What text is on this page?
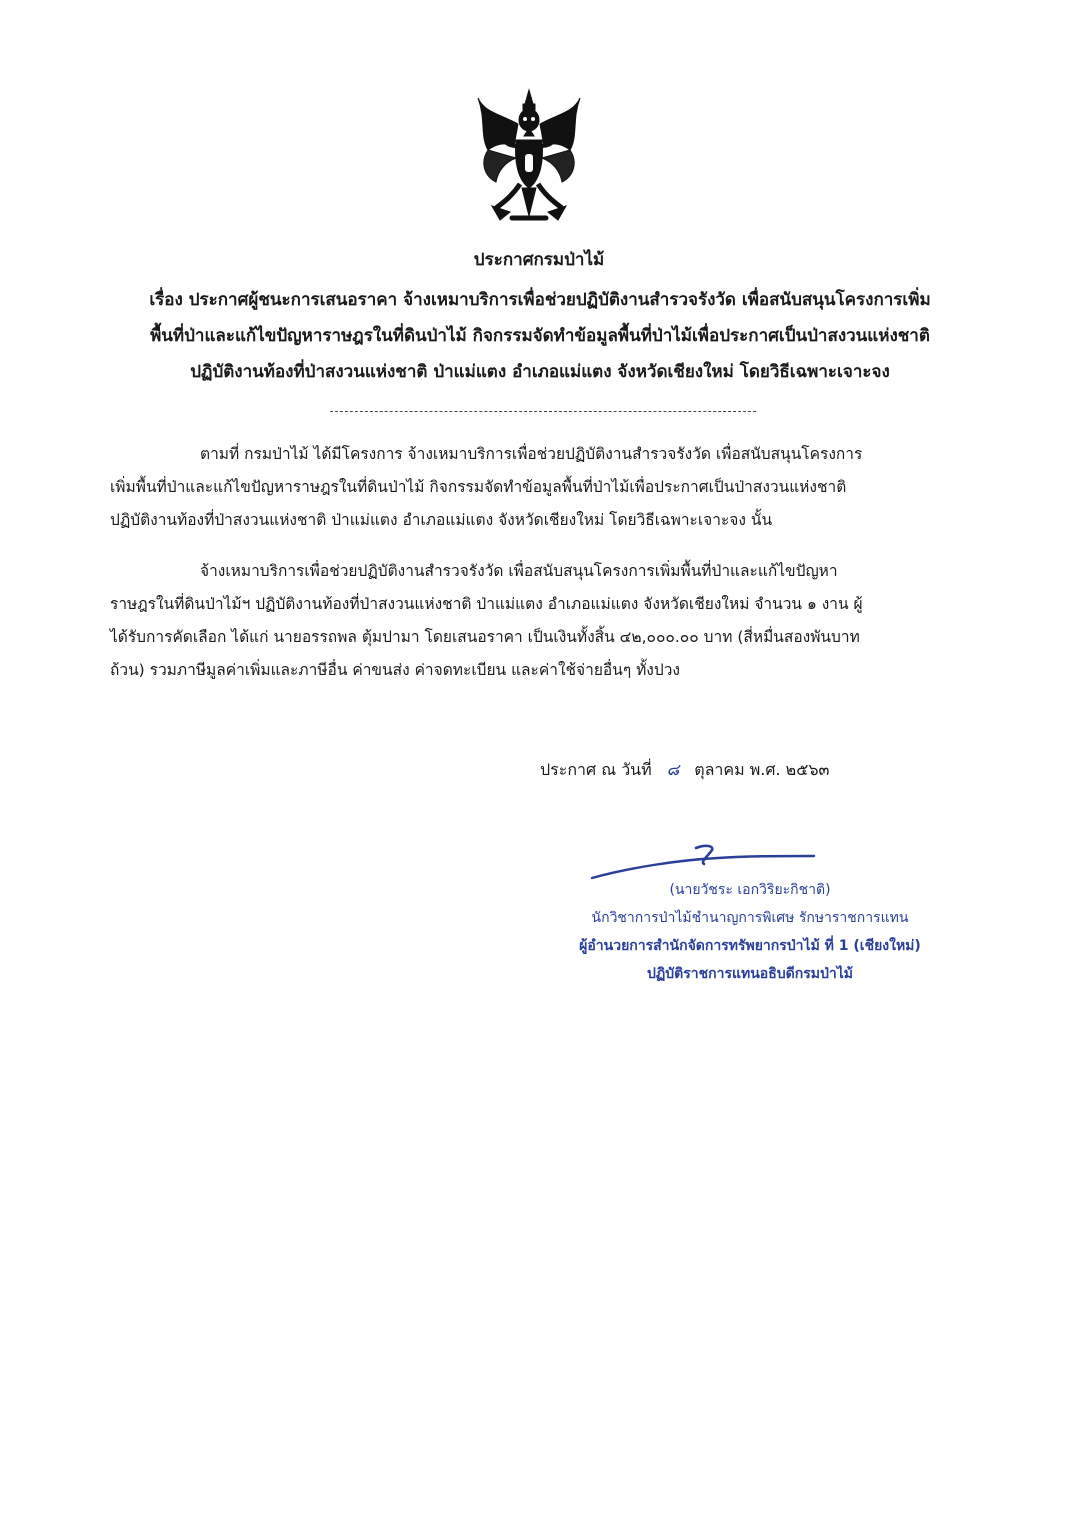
ประกาศกรมป่าไม้
เรื่อง ประกาศผู้ชนะการเสนอราคา จ้างเหมาบริการเพื่อช่วยปฏิบัติงานสำรวจรังวัด เพื่อสนับสนุนโครงการเพิ่ม
พื้นที่ป่าและแก้ไขปัญหาราษฎรในที่ดินป่าไม้ กิจกรรมจัดทำข้อมูลพื้นที่ป่าไม้เพื่อประกาศเป็นป่าสงวนแห่งชาติ
ปฏิบัติงานท้องที่ป่าสงวนแห่งชาติ ป่าแม่แตง อำเภอแม่แตง จังหวัดเชียงใหม่ โดยวิธีเฉพาะเจาะจง
ตามที่ กรมป่าไม้ ได้มีโครงการ จ้างเหมาบริการเพื่อช่วยปฏิบัติงานสำรวจรังวัด เพื่อสนับสนุนโครงการ
เพิ่มพื้นที่ป่าและแก้ไขปัญหาราษฎรในที่ดินป่าไม้ กิจกรรมจัดทำข้อมูลพื้นที่ป่าไม้เพื่อประกาศเป็นป่าสงวนแห่งชาติ
ปฏิบัติงานท้องที่ป่าสงวนแห่งชาติ ป่าแม่แตง อำเภอแม่แตง จังหวัดเชียงใหม่ โดยวิธีเฉพาะเจาะจง นั้น
จ้างเหมาบริการเพื่อช่วยปฏิบัติงานสำรวจรังวัด เพื่อสนับสนุนโครงการเพิ่มพื้นที่ป่าและแก้ไขปัญหา
ราษฎรในที่ดินป่าไม้ฯ ปฏิบัติงานท้องที่ป่าสงวนแห่งชาติ ป่าแม่แตง อำเภอแม่แตง จังหวัดเชียงใหม่ จำนวน ๑ งาน ผู้
ได้รับการคัดเลือก ได้แก่ นายอรรถพล ตุ้มปามา โดยเสนอราคา เป็นเงินทั้งสิ้น ๔๒,๐๐๐.๐๐ บาท (สี่หมื่นสองพันบาท
ถ้วน) รวมภาษีมูลค่าเพิ่มและภาษีอื่น ค่าขนส่ง ค่าจดทะเบียน และค่าใช้จ่ายอื่นๆ ทั้งปวง
ประกาศ ณ วันที่ ๘ ตุลาคม พ.ศ. ๒๕๖๓
(นายวัชระ เอกวิริยะกิชาติ)
นักวิชาการป่าไม้ชำนาญการพิเศษ รักษาราชการแทน
ผู้อำนวยการสำนักจัดการทรัพยากรป่าไม้ ที่ 1 (เชียงใหม่)
ปฏิบัติราชการแทนอธิบดีกรมป่าไม้
